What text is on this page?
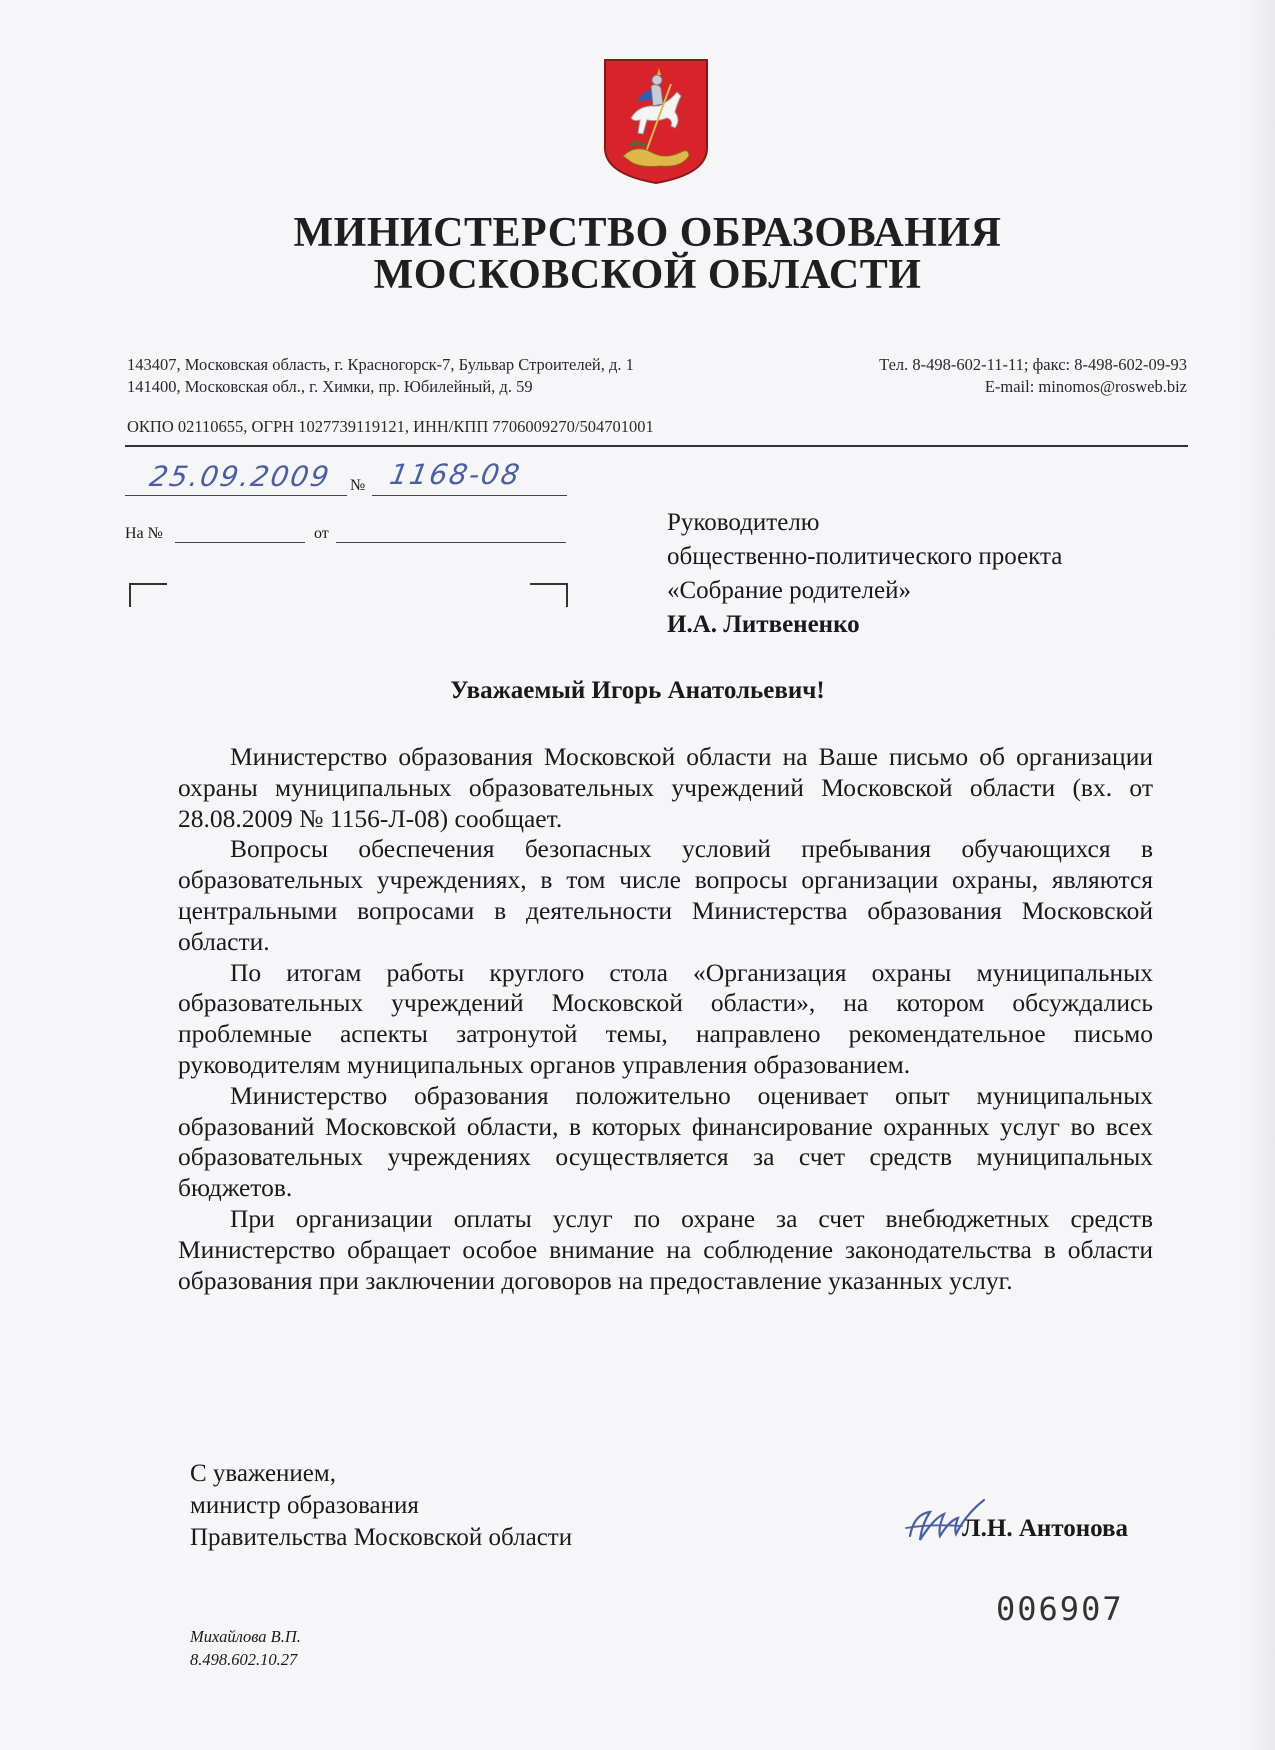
МИНИСТЕРСТВО ОБРАЗОВАНИЯ
МОСКОВСКОЙ ОБЛАСТИ
143407, Московская область, г. Красногорск-7, Бульвар Строителей, д. 1
141400, Московская обл., г. Химки, пр. Юбилейный, д. 59
Тел. 8-498-602-11-11; факс: 8-498-602-09-93
E-mail: minomos@rosweb.biz
ОКПО 02110655, ОГРН 1027739119121, ИНН/КПП 7706009270/504701001
25.09.2009 № 1168-08
На №	от	Руководителю
общественно-политического проекта
«Собрание родителей»
И.А. Литвененко
Уважаемый Игорь Анатольевич!

Министерство образования Московской области на Ваше письмо об организации охраны муниципальных образовательных учреждений Московской области (вх. от 28.08.2009 № 1156-Л-08) сообщает.

Вопросы обеспечения безопасных условий пребывания обучающихся в образовательных учреждениях, в том числе вопросы организации охраны, являются центральными вопросами в деятельности Министерства образования Московской области.

По итогам работы круглого стола «Организация охраны муниципальных образовательных учреждений Московской области», на котором обсуждались проблемные аспекты затронутой темы, направлено рекомендательное письмо руководителям муниципальных органов управления образованием.

Министерство образования положительно оценивает опыт муниципальных образований Московской области, в которых финансирование охранных услуг во всех образовательных учреждениях осуществляется за счет средств муниципальных бюджетов.

При организации оплаты услуг по охране за счет внебюджетных средств Министерство обращает особое внимание на соблюдение законодательства в области образования при заключении договоров на предоставление указанных услуг.

С уважением,
министр образования
Правительства Московской области	Л.Н. Антонова
006907
Михайлова В.П.
8.498.602.10.27
